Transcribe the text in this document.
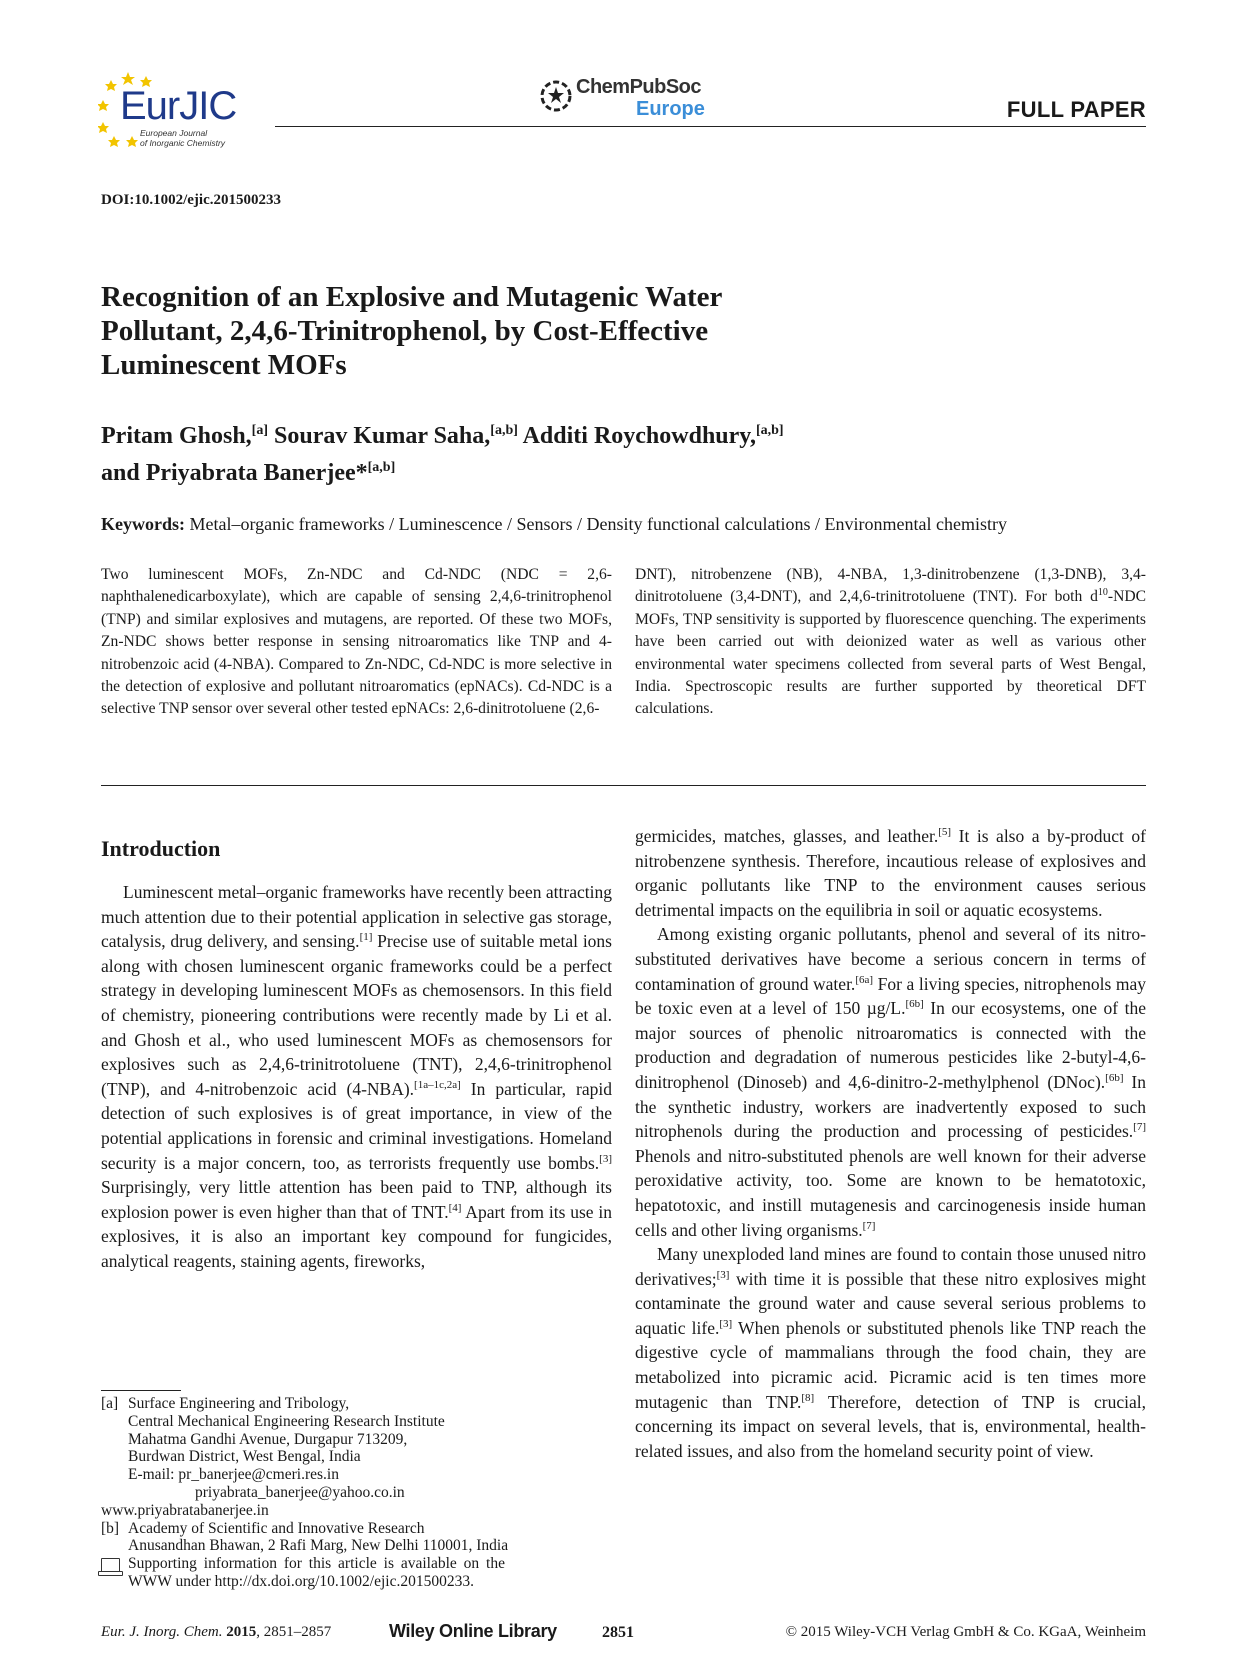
EurJIC
European Journal
of Inorganic Chemistry
ChemPubSoc
Europe	FULL PAPER
DOI:10.1002/ejic.201500233
Recognition of an Explosive and Mutagenic Water Pollutant, 2,4,6-Trinitrophenol, by Cost-Effective Luminescent MOFs
Pritam Ghosh,[a] Sourav Kumar Saha,[a,b] Additi Roychowdhury,[a,b]
and Priyabrata Banerjee*[a,b]
Keywords: Metal–organic frameworks / Luminescence / Sensors / Density functional calculations / Environmental chemistry
Two luminescent MOFs, Zn-NDC and Cd-NDC (NDC = 2,6-naphthalenedicarboxylate), which are capable of sensing 2,4,6-trinitrophenol (TNP) and similar explosives and mutagens, are reported. Of these two MOFs, Zn-NDC shows better response in sensing nitroaromatics like TNP and 4-nitrobenzoic acid (4-NBA). Compared to Zn-NDC, Cd-NDC is more selective in the detection of explosive and pollutant nitroaromatics (epNACs). Cd-NDC is a selective TNP sensor over several other tested epNACs: 2,6-dinitrotoluene (2,6-
DNT), nitrobenzene (NB), 4-NBA, 1,3-dinitrobenzene (1,3-DNB), 3,4-dinitrotoluene (3,4-DNT), and 2,4,6-trinitrotoluene (TNT). For both $d^{10}$-NDC MOFs, TNP sensitivity is supported by fluorescence quenching. The experiments have been carried out with deionized water as well as various other environmental water specimens collected from several parts of West Bengal, India. Spectroscopic results are further supported by theoretical DFT calculations.
Introduction

Luminescent metal–organic frameworks have recently been attracting much attention due to their potential application in selective gas storage, catalysis, drug delivery, and sensing.[1] Precise use of suitable metal ions along with chosen luminescent organic frameworks could be a perfect strategy in developing luminescent MOFs as chemosensors. In this field of chemistry, pioneering contributions were recently made by Li et al. and Ghosh et al., who used luminescent MOFs as chemosensors for explosives such as 2,4,6-trinitrotoluene (TNT), 2,4,6-trinitrophenol (TNP), and 4-nitrobenzoic acid (4-NBA).[1a–1c,2a] In particular, rapid detection of such explosives is of great importance, in view of the potential applications in forensic and criminal investigations. Homeland security is a major concern, too, as terrorists frequently use bombs.[3] Surprisingly, very little attention has been paid to TNP, although its explosion power is even higher than that of TNT.[4] Apart from its use in explosives, it is also an important key compound for fungicides, analytical reagents, staining agents, fireworks,

germicides, matches, glasses, and leather.[5] It is also a by-product of nitrobenzene synthesis. Therefore, incautious release of explosives and organic pollutants like TNP to the environment causes serious detrimental impacts on the equilibria in soil or aquatic ecosystems.

Among existing organic pollutants, phenol and several of its nitro-substituted derivatives have become a serious concern in terms of contamination of ground water.[6a] For a living species, nitrophenols may be toxic even at a level of 150 µg/L.[6b] In our ecosystems, one of the major sources of phenolic nitroaromatics is connected with the production and degradation of numerous pesticides like 2-butyl-4,6-dinitrophenol (Dinoseb) and 4,6-dinitro-2-methylphenol (DNoc).[6b] In the synthetic industry, workers are inadvertently exposed to such nitrophenols during the production and processing of pesticides.[7] Phenols and nitro-substituted phenols are well known for their adverse peroxidative activity, too. Some are known to be hematotoxic, hepatotoxic, and instill mutagenesis and carcinogenesis inside human cells and other living organisms.[7]

Many unexploded land mines are found to contain those unused nitro derivatives;[3] with time it is possible that these nitro explosives might contaminate the ground water and cause several serious problems to aquatic life.[3] When phenols or substituted phenols like TNP reach the digestive cycle of mammalians through the food chain, they are metabolized into picramic acid. Picramic acid is ten times more mutagenic than TNP.[8] Therefore, detection of TNP is crucial, concerning its impact on several levels, that is, environmental, health-related issues, and also from the homeland security point of view.

[a] Surface Engineering and Tribology,
Central Mechanical Engineering Research Institute
Mahatma Gandhi Avenue, Durgapur 713209,
Burdwan District, West Bengal, India
E-mail: pr_banerjee@cmeri.res.in
priyabrata_banerjee@yahoo.co.in
www.priyabratabanerjee.in
[b] Academy of Scientific and Innovative Research
Anusandhan Bhawan, 2 Rafi Marg, New Delhi 110001, India
Supporting information for this article is available on the
WWW under http://dx.doi.org/10.1002/ejic.201500233.
Eur. J. Inorg. Chem. 2015, 2851–2857	Wiley Online Library	2851	© 2015 Wiley-VCH Verlag GmbH & Co. KGaA, Weinheim
